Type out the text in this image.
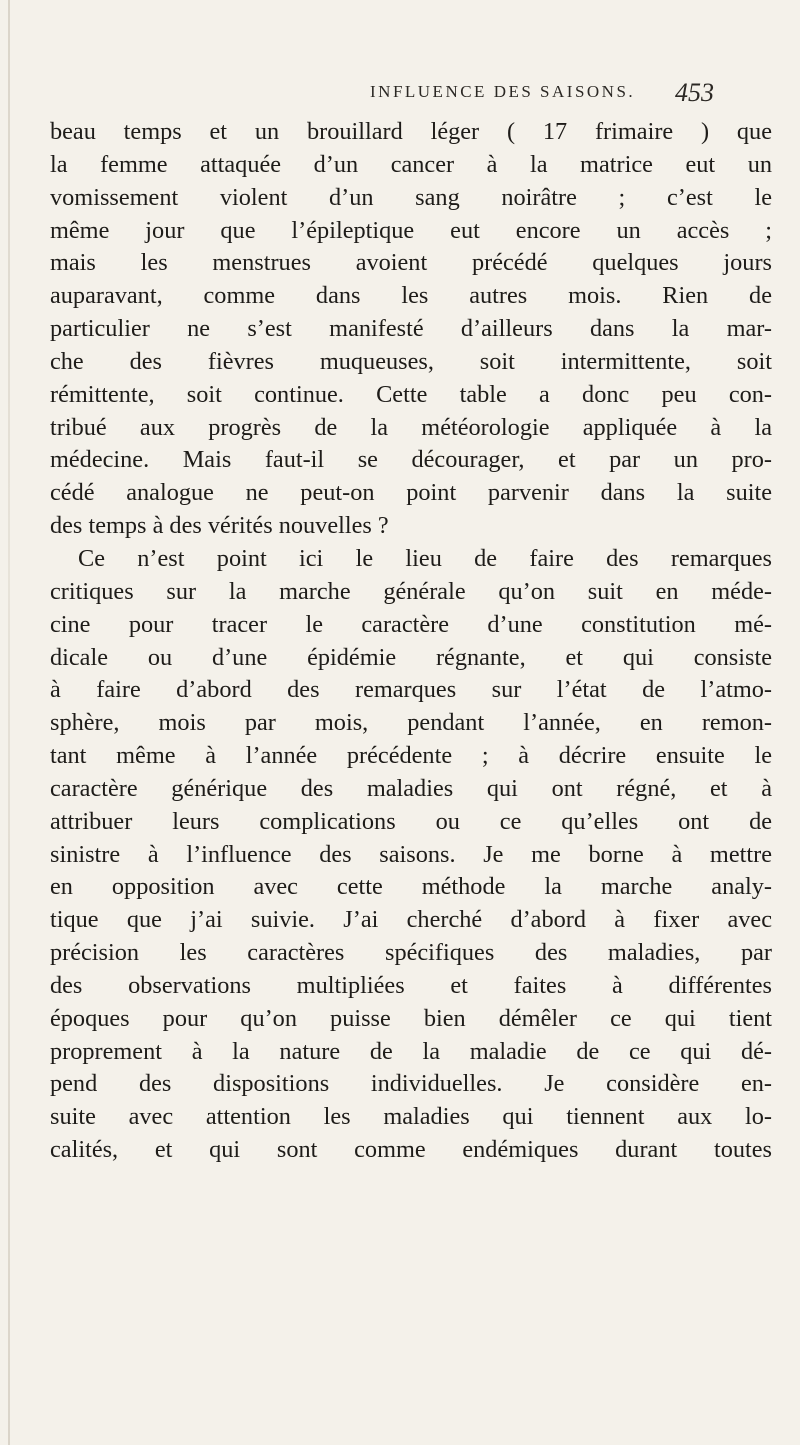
INFLUENCE DES SAISONS. 453
beau temps et un brouillard léger ( 17 frimaire ) que
la femme attaquée d’un cancer à la matrice eut un
vomissement violent d’un sang noirâtre ; c’est le
même jour que l’épileptique eut encore un accès ;
mais les menstrues avoient précédé quelques jours
auparavant, comme dans les autres mois. Rien de
particulier ne s’est manifesté d’ailleurs dans la mar-
che des fièvres muqueuses, soit intermittente, soit
rémittente, soit continue. Cette table a donc peu con-
tribué aux progrès de la météorologie appliquée à la
médecine. Mais faut-il se décourager, et par un pro-
cédé analogue ne peut-on point parvenir dans la suite
des temps à des vérités nouvelles ?
Ce n’est point ici le lieu de faire des remarques
critiques sur la marche générale qu’on suit en méde-
cine pour tracer le caractère d’une constitution mé-
dicale ou d’une épidémie régnante, et qui consiste
à faire d’abord des remarques sur l’état de l’atmo-
sphère, mois par mois, pendant l’année, en remon-
tant même à l’année précédente ; à décrire ensuite le
caractère générique des maladies qui ont régné, et à
attribuer leurs complications ou ce qu’elles ont de
sinistre à l’influence des saisons. Je me borne à mettre
en opposition avec cette méthode la marche analy-
tique que j’ai suivie. J’ai cherché d’abord à fixer avec
précision les caractères spécifiques des maladies, par
des observations multipliées et faites à différentes
époques pour qu’on puisse bien démêler ce qui tient
proprement à la nature de la maladie de ce qui dé-
pend des dispositions individuelles. Je considère en-
suite avec attention les maladies qui tiennent aux lo-
calités, et qui sont comme endémiques durant toutes
